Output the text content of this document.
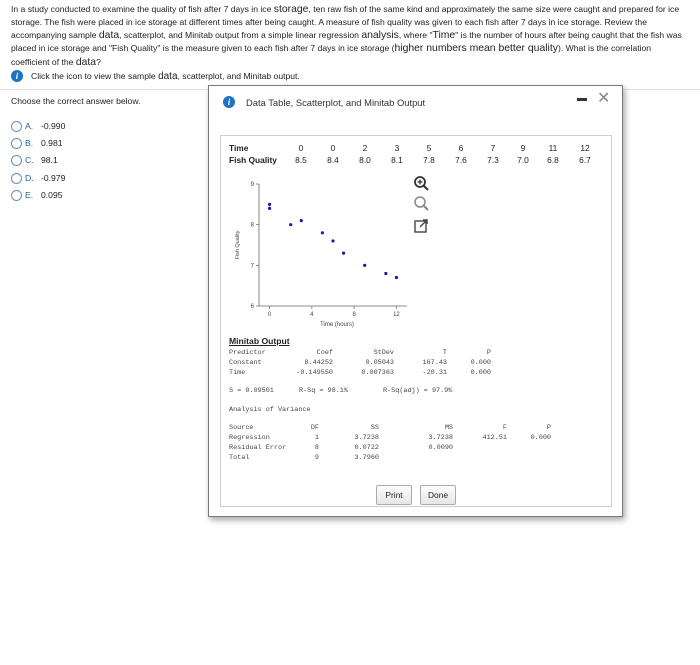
In a study conducted to examine the quality of fish after 7 days in ice storage, ten raw fish of the same kind and approximately the same size were caught and prepared for ice storage. The fish were placed in ice storage at different times after being caught. A measure of fish quality was given to each fish after 7 days in ice storage. Review the accompanying sample data, scatterplot, and Minitab output from a simple linear regression analysis, where "Time" is the number of hours after being caught that the fish was placed in ice storage and "Fish Quality" is the measure given to each fish after 7 days in ice storage (higher numbers mean better quality). What is the correlation coefficient of the data?
i	Click the icon to view the sample data, scatterplot, and Minitab output.
Choose the correct answer below.
A. -0.990
B. 0.981
C. 98.1
D. -0.979
E. 0.095
i	Data Table, Scatterplot, and Minitab Output	✕
Time	0	0	2	3	5	6	7	9	11	12
Fish Quality	8.5	8.4	8.0	8.1	7.8	7.6	7.3	7.0	6.8	6.7
0	4	8	12
6
7
8
9
Time (hours)
Fish Quality
Minitab Output
Predictor	Coef	StDev	T	P
Constant	8.44252	0.05043	167.43	0.000
Time	-0.149550	0.007363	-20.31	0.000
S = 0.09501	R-Sq = 98.1%	R-Sq(adj) = 97.9%
Analysis of Variance
Source	DF	SS	MS	F	P
Regression	1	3.7238	3.7238	412.51	0.000
Residual Error	8	0.0722	0.0090
Total	9	3.7960
Print	Done
